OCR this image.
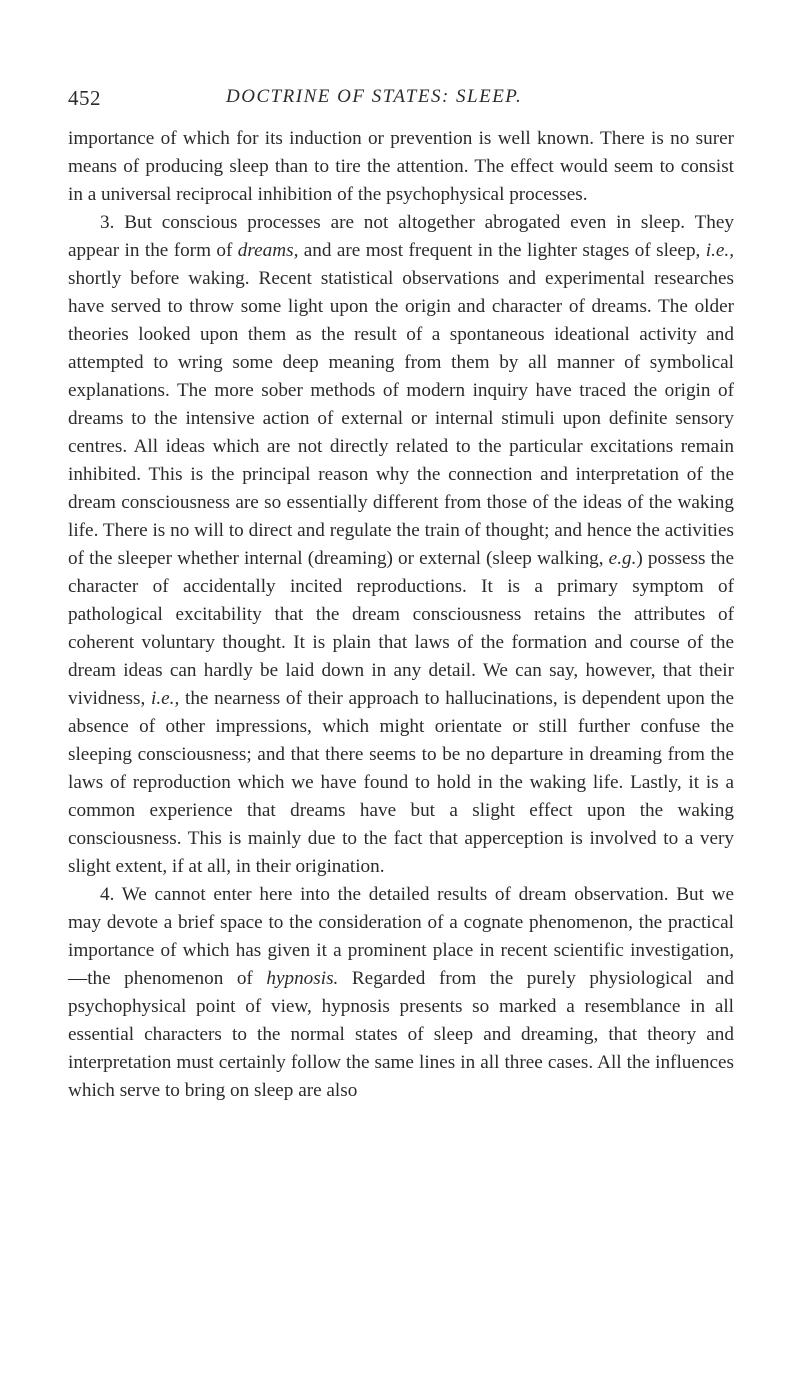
452	DOCTRINE OF STATES: SLEEP.

importance of which for its induction or prevention is well known. There is no surer means of producing sleep than to tire the attention. The effect would seem to consist in a universal reciprocal inhibition of the psychophysical processes.

3. But conscious processes are not altogether abrogated even in sleep. They appear in the form of dreams, and are most frequent in the lighter stages of sleep, i.e., shortly before waking. Recent statistical observations and experimental researches have served to throw some light upon the origin and character of dreams. The older theories looked upon them as the result of a spontaneous ideational activity and attempted to wring some deep meaning from them by all manner of symbolical explanations. The more sober methods of modern inquiry have traced the origin of dreams to the intensive action of external or internal stimuli upon definite sensory centres. All ideas which are not directly related to the particular excitations remain inhibited. This is the principal reason why the connection and interpretation of the dream consciousness are so essentially different from those of the ideas of the waking life. There is no will to direct and regulate the train of thought; and hence the activities of the sleeper whether internal (dreaming) or external (sleep walking, e.g.) possess the character of accidentally incited reproductions. It is a primary symptom of pathological excitability that the dream consciousness retains the attributes of coherent voluntary thought. It is plain that laws of the formation and course of the dream ideas can hardly be laid down in any detail. We can say, however, that their vividness, i.e., the nearness of their approach to hallucinations, is dependent upon the absence of other impressions, which might orientate or still further confuse the sleeping consciousness; and that there seems to be no departure in dreaming from the laws of reproduction which we have found to hold in the waking life. Lastly, it is a common experience that dreams have but a slight effect upon the waking consciousness. This is mainly due to the fact that apperception is involved to a very slight extent, if at all, in their origination.

4. We cannot enter here into the detailed results of dream observation. But we may devote a brief space to the consideration of a cognate phenomenon, the practical importance of which has given it a prominent place in recent scientific investigation,—the phenomenon of hypnosis. Regarded from the purely physiological and psychophysical point of view, hypnosis presents so marked a resemblance in all essential characters to the normal states of sleep and dreaming, that theory and interpretation must certainly follow the same lines in all three cases. All the influences which serve to bring on sleep are also
